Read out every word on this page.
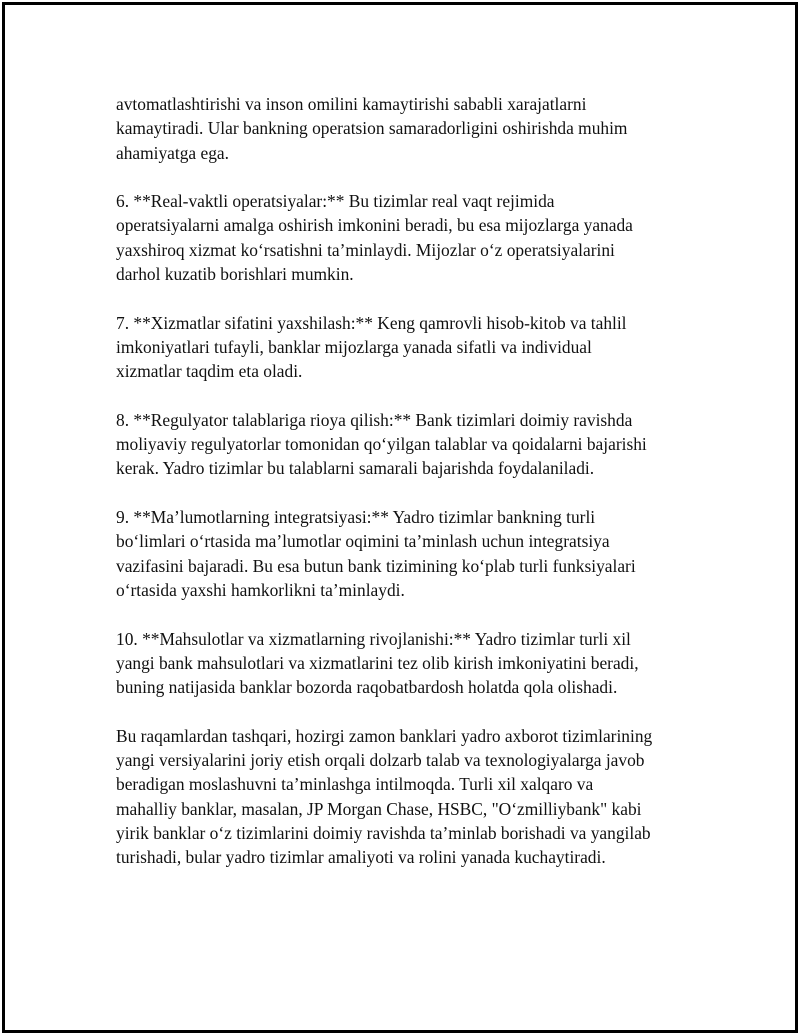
avtomatlashtirishi va inson omilini kamaytirishi sababli xarajatlarni
kamaytiradi. Ular bankning operatsion samaradorligini oshirishda muhim
ahamiyatga ega.

6. **Real-vaktli operatsiyalar:** Bu tizimlar real vaqt rejimida
operatsiyalarni amalga oshirish imkonini beradi, bu esa mijozlarga yanada
yaxshiroq xizmat ko‘rsatishni ta’minlaydi. Mijozlar o‘z operatsiyalarini
darhol kuzatib borishlari mumkin.

7. **Xizmatlar sifatini yaxshilash:** Keng qamrovli hisob-kitob va tahlil
imkoniyatlari tufayli, banklar mijozlarga yanada sifatli va individual
xizmatlar taqdim eta oladi.

8. **Regulyator talablariga rioya qilish:** Bank tizimlari doimiy ravishda
moliyaviy regulyatorlar tomonidan qo‘yilgan talablar va qoidalarni bajarishi
kerak. Yadro tizimlar bu talablarni samarali bajarishda foydalaniladi.

9. **Ma’lumotlarning integratsiyasi:** Yadro tizimlar bankning turli
bo‘limlari o‘rtasida ma’lumotlar oqimini ta’minlash uchun integratsiya
vazifasini bajaradi. Bu esa butun bank tizimining ko‘plab turli funksiyalari
o‘rtasida yaxshi hamkorlikni ta’minlaydi.

10. **Mahsulotlar va xizmatlarning rivojlanishi:** Yadro tizimlar turli xil
yangi bank mahsulotlari va xizmatlarini tez olib kirish imkoniyatini beradi,
buning natijasida banklar bozorda raqobatbardosh holatda qola olishadi.

Bu raqamlardan tashqari, hozirgi zamon banklari yadro axborot tizimlarining
yangi versiyalarini joriy etish orqali dolzarb talab va texnologiyalarga javob
beradigan moslashuvni ta’minlashga intilmoqda. Turli xil xalqaro va
mahalliy banklar, masalan, JP Morgan Chase, HSBC, "O‘zmilliybank" kabi
yirik banklar o‘z tizimlarini doimiy ravishda ta’minlab borishadi va yangilab
turishadi, bular yadro tizimlar amaliyoti va rolini yanada kuchaytiradi.
